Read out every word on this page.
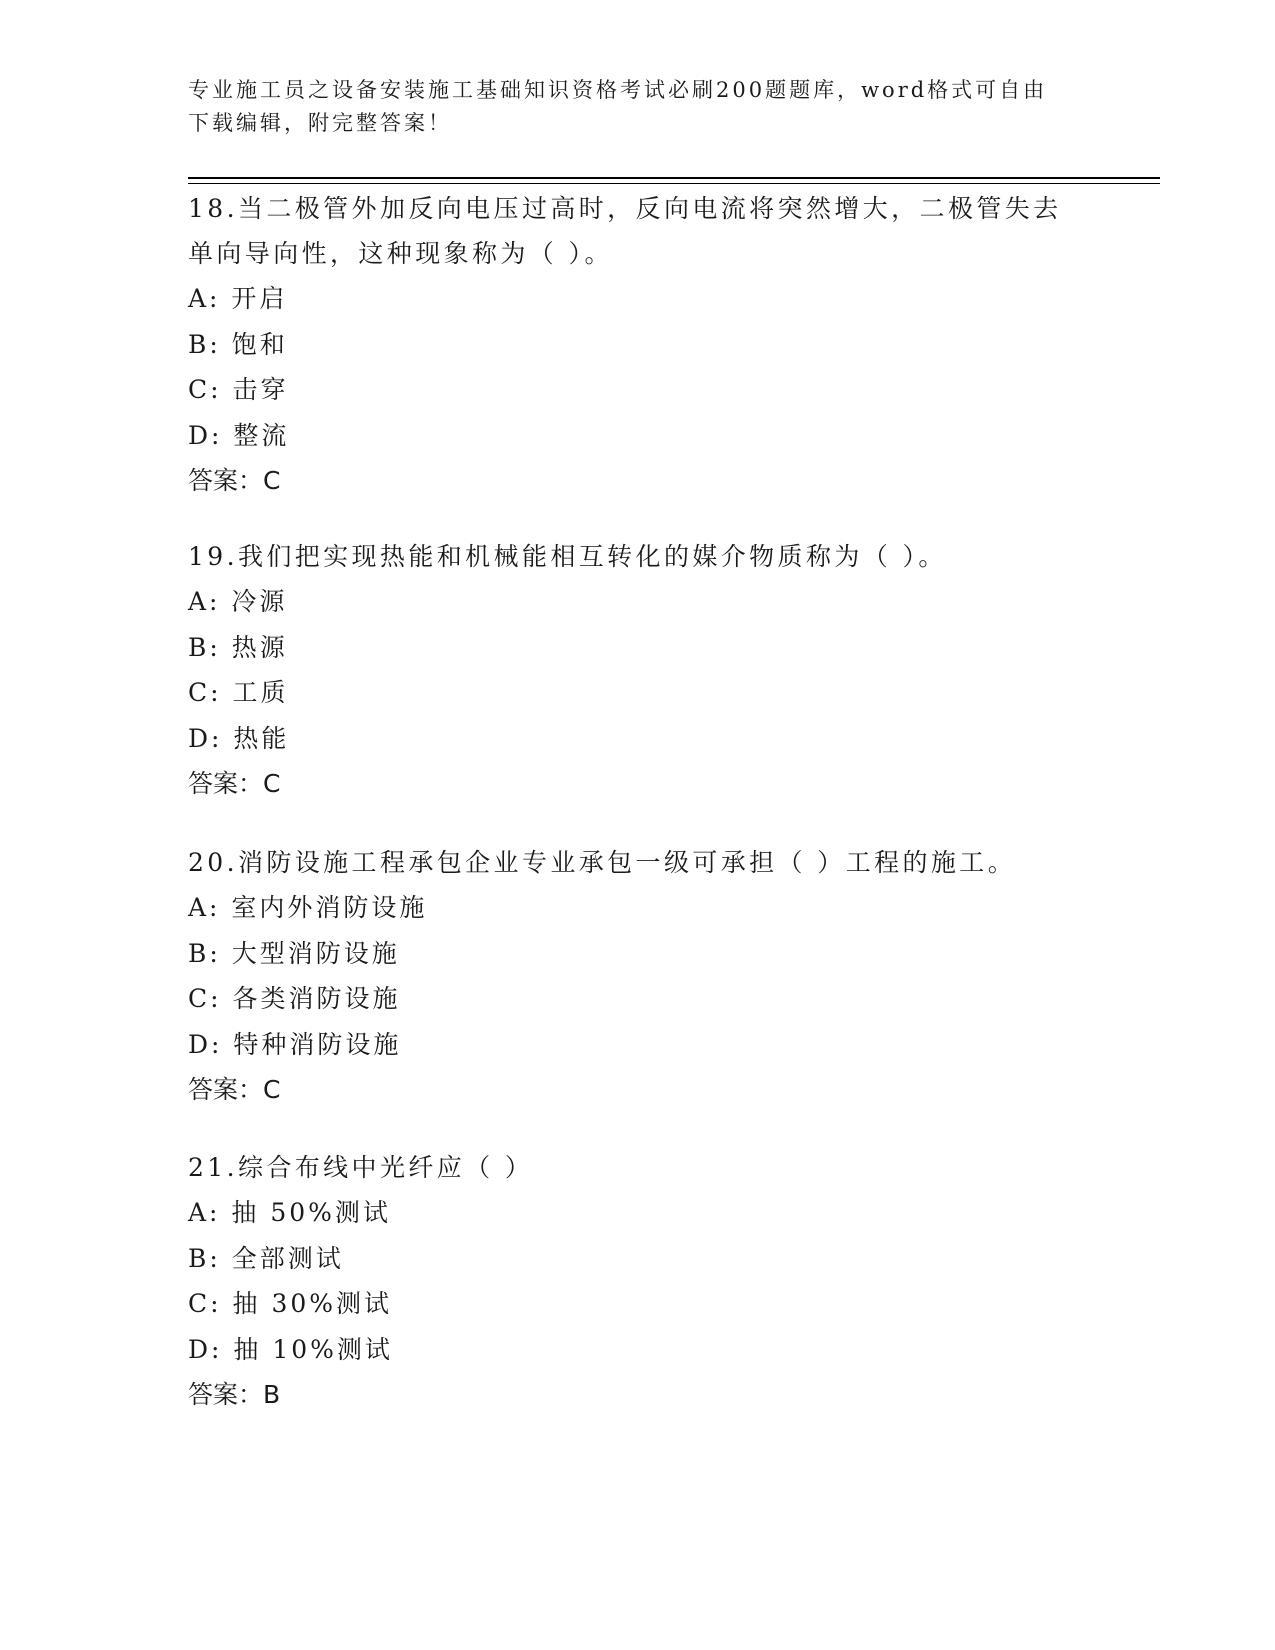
专业施工员之设备安装施工基础知识资格考试必刷200题题库，word格式可自由
下载编辑，附完整答案！

18.当二极管外加反向电压过高时，反向电流将突然增大，二极管失去单向导向性，这种现象称为（ ）。

A: 开启

B: 饱和

C: 击穿

D: 整流

答案：C

19.我们把实现热能和机械能相互转化的媒介物质称为（ ）。

A: 冷源

B: 热源

C: 工质

D: 热能

答案：C

20.消防设施工程承包企业专业承包一级可承担（ ）工程的施工。

A: 室内外消防设施

B: 大型消防设施

C: 各类消防设施

D: 特种消防设施

答案：C

21.综合布线中光纤应（ ）

A: 抽 50%测试

B: 全部测试

C: 抽 30%测试

D: 抽 10%测试

答案：B
